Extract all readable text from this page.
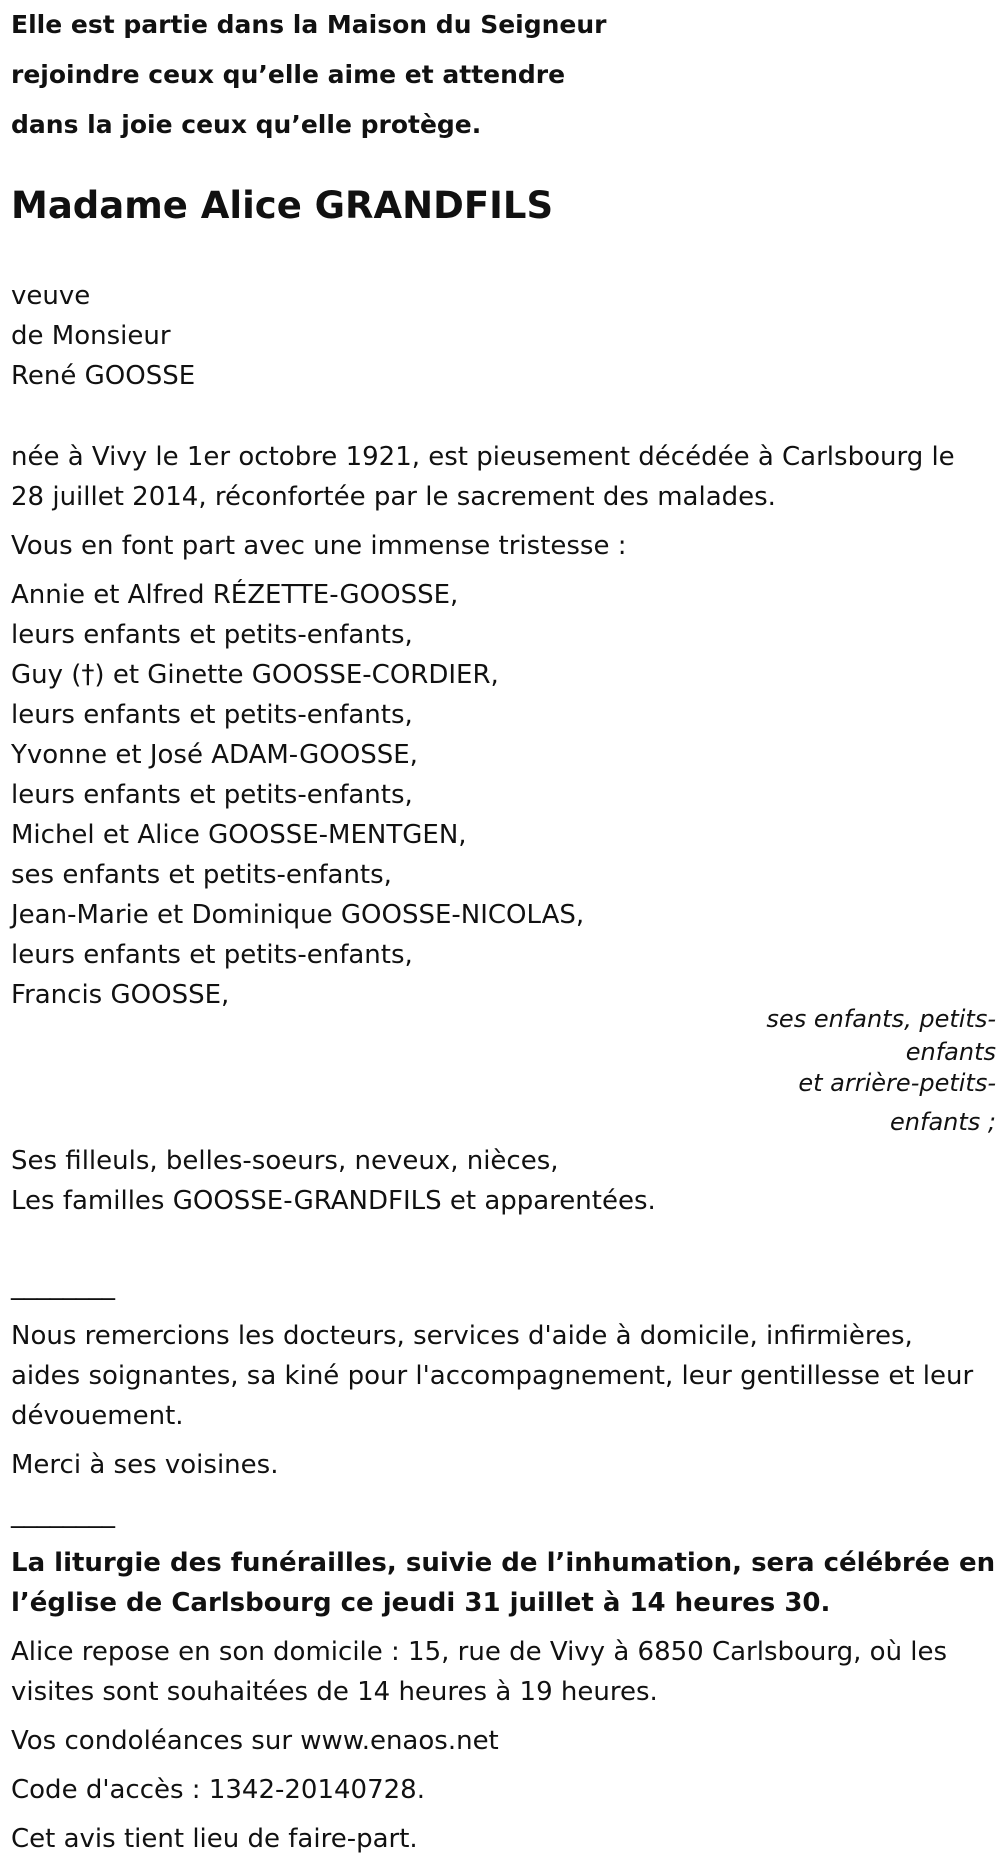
Elle est partie dans la Maison du Seigneur
rejoindre ceux qu’elle aime et attendre
dans la joie ceux qu’elle protège.
Madame Alice GRANDFILS
veuve
de Monsieur
René GOOSSE
née à Vivy le 1er octobre 1921, est pieusement décédée à Carlsbourg le
28 juillet 2014, réconfortée par le sacrement des malades.
Vous en font part avec une immense tristesse :
Annie et Alfred RÉZETTE-GOOSSE,
leurs enfants et petits-enfants,
Guy (†) et Ginette GOOSSE-CORDIER,
leurs enfants et petits-enfants,
Yvonne et José ADAM-GOOSSE,
leurs enfants et petits-enfants,
Michel et Alice GOOSSE-MENTGEN,
ses enfants et petits-enfants,
Jean-Marie et Dominique GOOSSE-NICOLAS,
leurs enfants et petits-enfants,
Francis GOOSSE,
ses enfants, petits-
enfants
et arrière-petits-
enfants ;
Ses filleuls, belles-soeurs, neveux, nièces,
Les familles GOOSSE-GRANDFILS et apparentées.
________
Nous remercions les docteurs, services d'aide à domicile, infirmières,
aides soignantes, sa kiné pour l'accompagnement, leur gentillesse et leur
dévouement.
Merci à ses voisines.
________
La liturgie des funérailles, suivie de l’inhumation, sera célébrée en
l’église de Carlsbourg ce jeudi 31 juillet à 14 heures 30.
Alice repose en son domicile : 15, rue de Vivy à 6850 Carlsbourg, où les
visites sont souhaitées de 14 heures à 19 heures.
Vos condoléances sur www.enaos.net
Code d'accès : 1342-20140728.
Cet avis tient lieu de faire-part.
